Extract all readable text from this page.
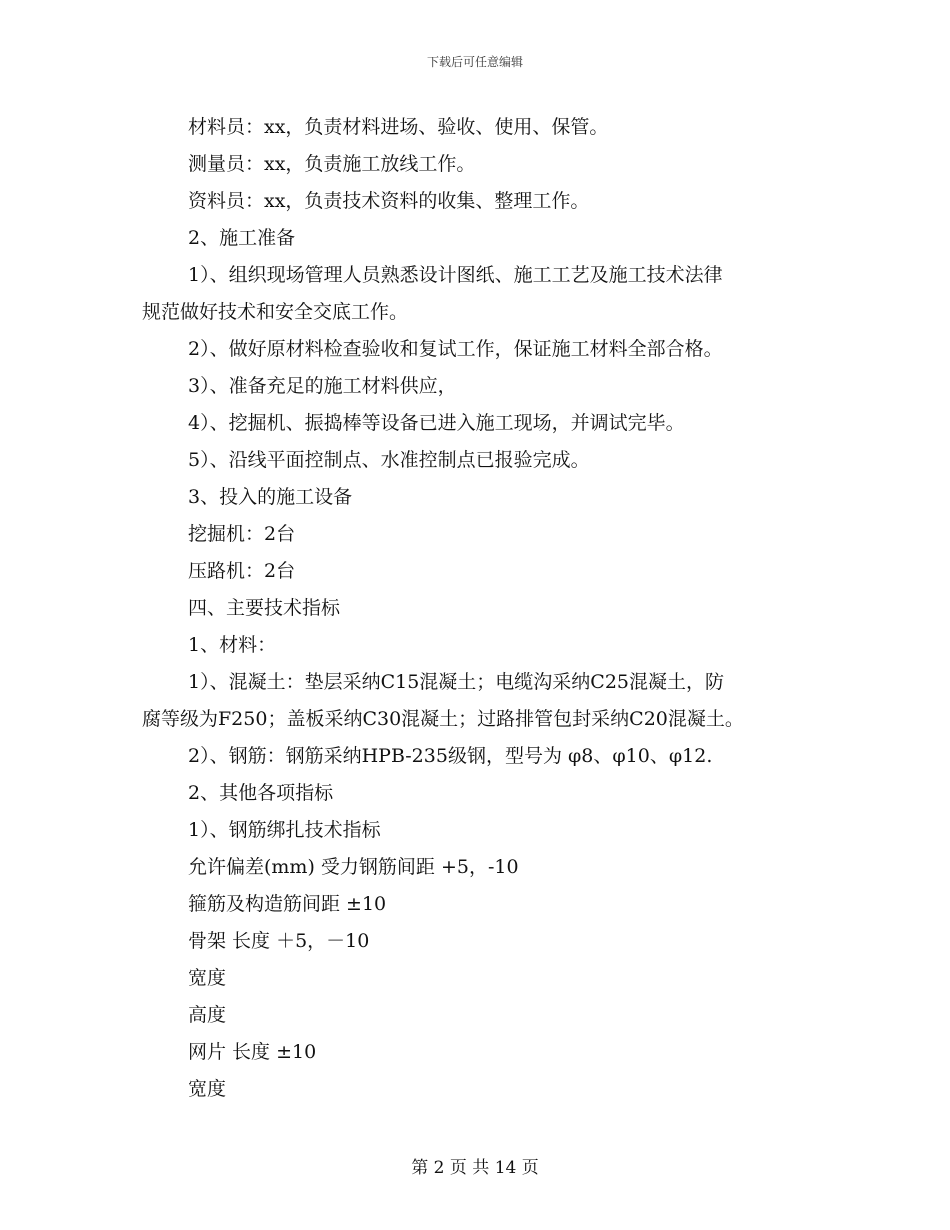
下载后可任意编辑
材料员：xx，负责材料进场、验收、使用、保管。
测量员：xx，负责施工放线工作。
资料员：xx，负责技术资料的收集、整理工作。
2、施工准备
1）、组织现场管理人员熟悉设计图纸、施工工艺及施工技术法律
规范做好技术和安全交底工作。
2）、做好原材料检查验收和复试工作，保证施工材料全部合格。
3）、准备充足的施工材料供应，
4）、挖掘机、振捣棒等设备已进入施工现场，并调试完毕。
5）、沿线平面控制点、水准控制点已报验完成。
3、投入的施工设备
挖掘机：2台
压路机：2台
四、主要技术指标
1、材料：
1）、混凝土：垫层采纳C15混凝土；电缆沟采纳C25混凝土，防
腐等级为F250；盖板采纳C30混凝土；过路排管包封采纳C20混凝土。
2）、钢筋：钢筋采纳HPB-235级钢，型号为 φ8、φ10、φ12.
2、其他各项指标
1）、钢筋绑扎技术指标
允许偏差(mm) 受力钢筋间距 +5，-10
箍筋及构造筋间距 ±10
骨架 长度 ＋5，－10
宽度
高度
网片 长度 ±10
宽度
第 2 页 共 14 页
